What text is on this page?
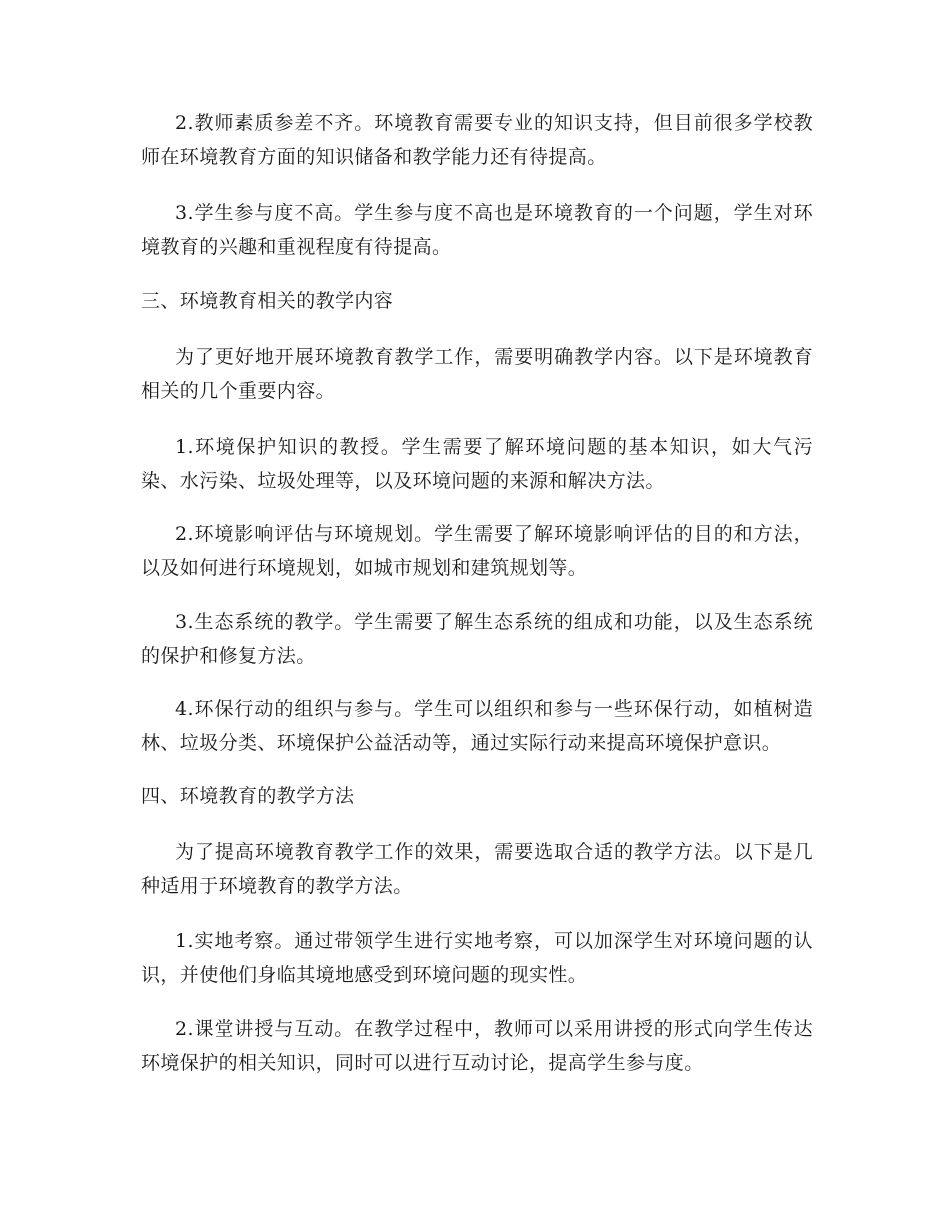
2.教师素质参差不齐。环境教育需要专业的知识支持，但目前很多学校教师在环境教育方面的知识储备和教学能力还有待提高。

3.学生参与度不高。学生参与度不高也是环境教育的一个问题，学生对环境教育的兴趣和重视程度有待提高。

三、环境教育相关的教学内容

为了更好地开展环境教育教学工作，需要明确教学内容。以下是环境教育相关的几个重要内容。

1.环境保护知识的教授。学生需要了解环境问题的基本知识，如大气污染、水污染、垃圾处理等，以及环境问题的来源和解决方法。

2.环境影响评估与环境规划。学生需要了解环境影响评估的目的和方法，以及如何进行环境规划，如城市规划和建筑规划等。

3.生态系统的教学。学生需要了解生态系统的组成和功能，以及生态系统的保护和修复方法。

4.环保行动的组织与参与。学生可以组织和参与一些环保行动，如植树造林、垃圾分类、环境保护公益活动等，通过实际行动来提高环境保护意识。

四、环境教育的教学方法

为了提高环境教育教学工作的效果，需要选取合适的教学方法。以下是几种适用于环境教育的教学方法。

1.实地考察。通过带领学生进行实地考察，可以加深学生对环境问题的认识，并使他们身临其境地感受到环境问题的现实性。

2.课堂讲授与互动。在教学过程中，教师可以采用讲授的形式向学生传达环境保护的相关知识，同时可以进行互动讨论，提高学生参与度。
